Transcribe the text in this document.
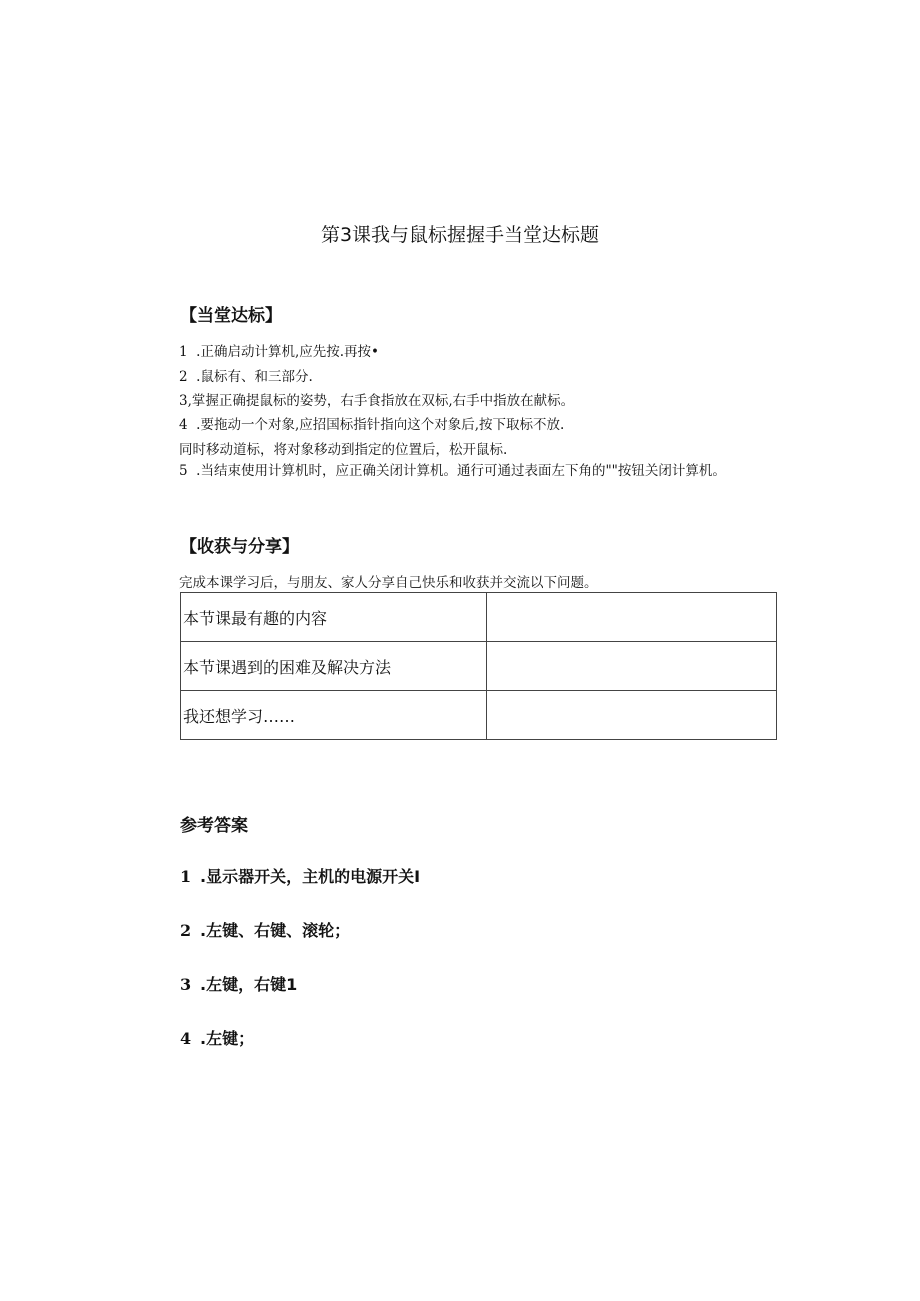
第3课我与鼠标握握手当堂达标题
【当堂达标】
1  .正确启动计算机,应先按.再按•
2  .鼠标有、和三部分.
3,掌握正确提鼠标的姿势，右手食指放在双标,右手中指放在献标。
4  .要拖动一个对象,应招国标指针指向这个对象后,按下取标不放.
同时移动道标，将对象移动到指定的位置后，松开鼠标.
5  .当结束使用计算机时，应正确关闭计算机。通行可通过表面左下角的""按钮关闭计算机。
【收获与分享】
完成本课学习后，与朋友、家人分享自己快乐和收获并交流以下问题。
本节课最有趣的内容	
本节课遇到的困难及解决方法	
我还想学习……	
参考答案
1 .显示器开关，主机的电源开关I
2 .左键、右键、滚轮；
3 .左键，右键1
4 .左键；
